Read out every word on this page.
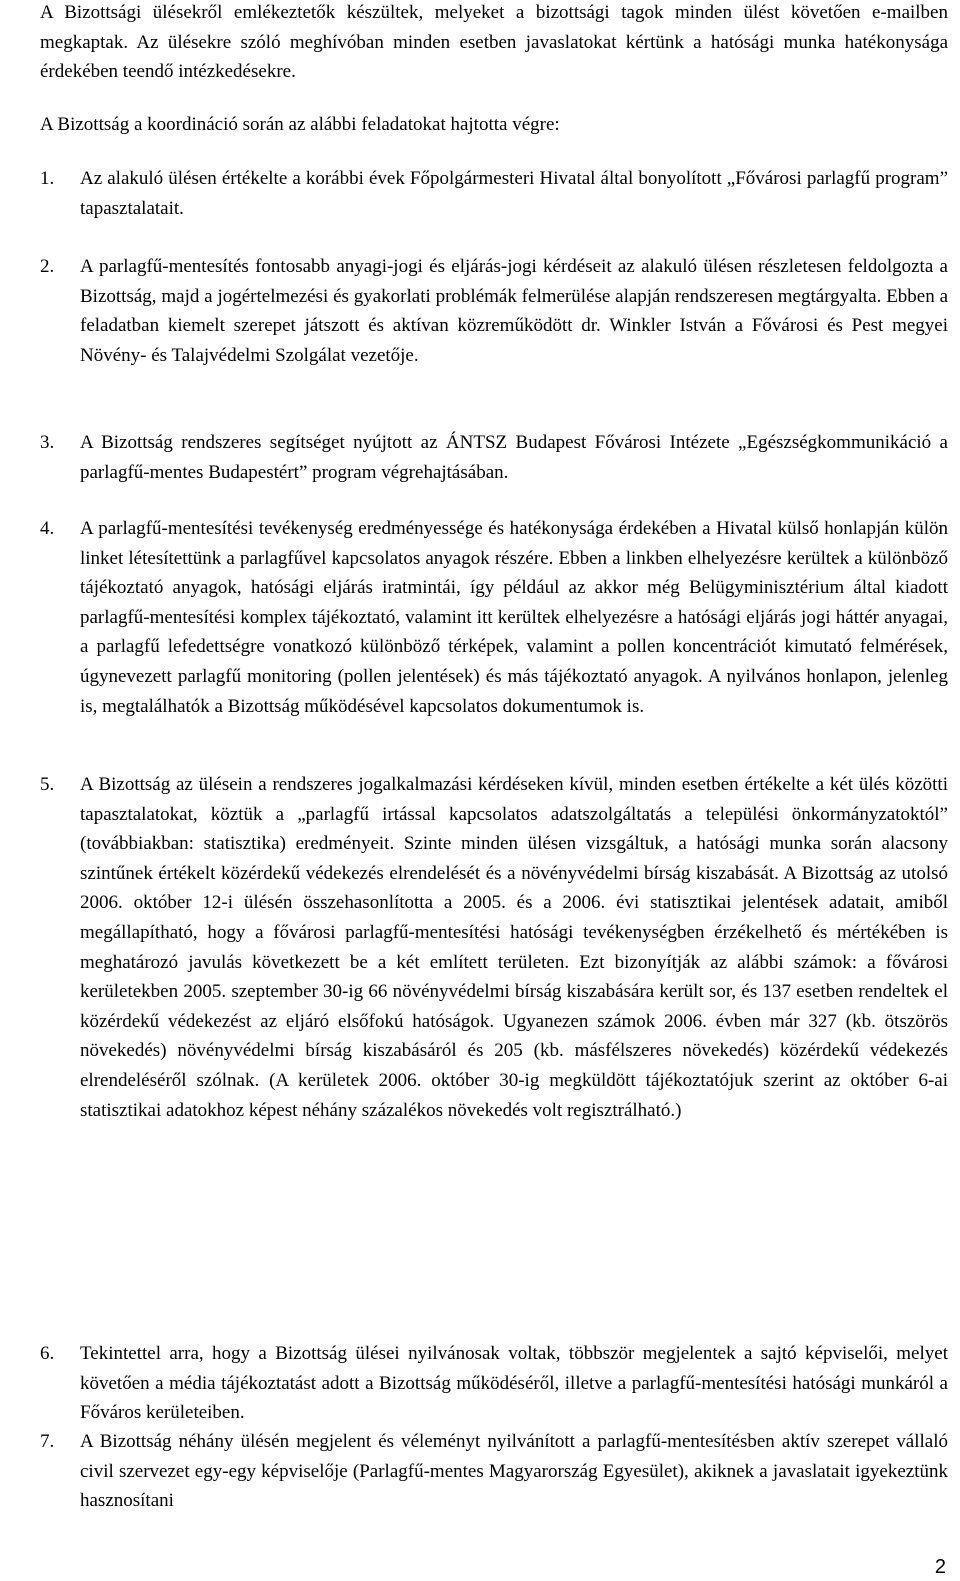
A Bizottsági ülésekről emlékeztetők készültek, melyeket a bizottsági tagok minden ülést követően e-mailben megkaptak. Az ülésekre szóló meghívóban minden esetben javaslatokat kértünk a hatósági munka hatékonysága érdekében teendő intézkedésekre.

A Bizottság a koordináció során az alábbi feladatokat hajtotta végre:

1.	Az alakuló ülésen értékelte a korábbi évek Főpolgármesteri Hivatal által bonyolított „Fővárosi parlagfű program” tapasztalatait.

2.	A parlagfű-mentesítés fontosabb anyagi-jogi és eljárás-jogi kérdéseit az alakuló ülésen részletesen feldolgozta a Bizottság, majd a jogértelmezési és gyakorlati problémák felmerülése alapján rendszeresen megtárgyalta. Ebben a feladatban kiemelt szerepet játszott és aktívan közreműködött dr. Winkler István a Fővárosi és Pest megyei Növény- és Talajvédelmi Szolgálat vezetője.

3.	A Bizottság rendszeres segítséget nyújtott az ÁNTSZ Budapest Fővárosi Intézete „Egészségkommunikáció a parlagfű-mentes Budapestért” program végrehajtásában.

4.	A parlagfű-mentesítési tevékenység eredményessége és hatékonysága érdekében a Hivatal külső honlapján külön linket létesítettünk a parlagfűvel kapcsolatos anyagok részére. Ebben a linkben elhelyezésre kerültek a különböző tájékoztató anyagok, hatósági eljárás iratmintái, így például az akkor még Belügyminisztérium által kiadott parlagfű-mentesítési komplex tájékoztató, valamint itt kerültek elhelyezésre a hatósági eljárás jogi háttér anyagai, a parlagfű lefedettségre vonatkozó különböző térképek, valamint a pollen koncentrációt kimutató felmérések, úgynevezett parlagfű monitoring (pollen jelentések) és más tájékoztató anyagok. A nyilvános honlapon, jelenleg is, megtalálhatók a Bizottság működésével kapcsolatos dokumentumok is.

5.	A Bizottság az ülésein a rendszeres jogalkalmazási kérdéseken kívül, minden esetben értékelte a két ülés közötti tapasztalatokat, köztük a „parlagfű irtással kapcsolatos adatszolgáltatás a települési önkormányzatoktól” (továbbiakban: statisztika) eredményeit. Szinte minden ülésen vizsgáltuk, a hatósági munka során alacsony szintűnek értékelt közérdekű védekezés elrendelését és a növényvédelmi bírság kiszabását. A Bizottság az utolsó 2006. október 12-i ülésén összehasonlította a 2005. és a 2006. évi statisztikai jelentések adatait, amiből megállapítható, hogy a fővárosi parlagfű-mentesítési hatósági tevékenységben érzékelhető és mértékében is meghatározó javulás következett be a két említett területen. Ezt bizonyítják az alábbi számok: a fővárosi kerületekben 2005. szeptember 30-ig 66 növényvédelmi bírság kiszabására került sor, és 137 esetben rendeltek el közérdekű védekezést az eljáró elsőfokú hatóságok. Ugyanezen számok 2006. évben már 327 (kb. ötszörös növekedés) növényvédelmi bírság kiszabásáról és 205 (kb. másfélszeres növekedés) közérdekű védekezés elrendeléséről szólnak. (A kerületek 2006. október 30-ig megküldött tájékoztatójuk szerint az október 6-ai statisztikai adatokhoz képest néhány százalékos növekedés volt regisztrálható.)

6.	Tekintettel arra, hogy a Bizottság ülései nyilvánosak voltak, többször megjelentek a sajtó képviselői, melyet követően a média tájékoztatást adott a Bizottság működéséről, illetve a parlagfű-mentesítési hatósági munkáról a Főváros kerületeiben.

7.	A Bizottság néhány ülésén megjelent és véleményt nyilvánított a parlagfű-mentesítésben aktív szerepet vállaló civil szervezet egy-egy képviselője (Parlagfű-mentes Magyarország Egyesület), akiknek a javaslatait igyekeztünk hasznosítani

2
